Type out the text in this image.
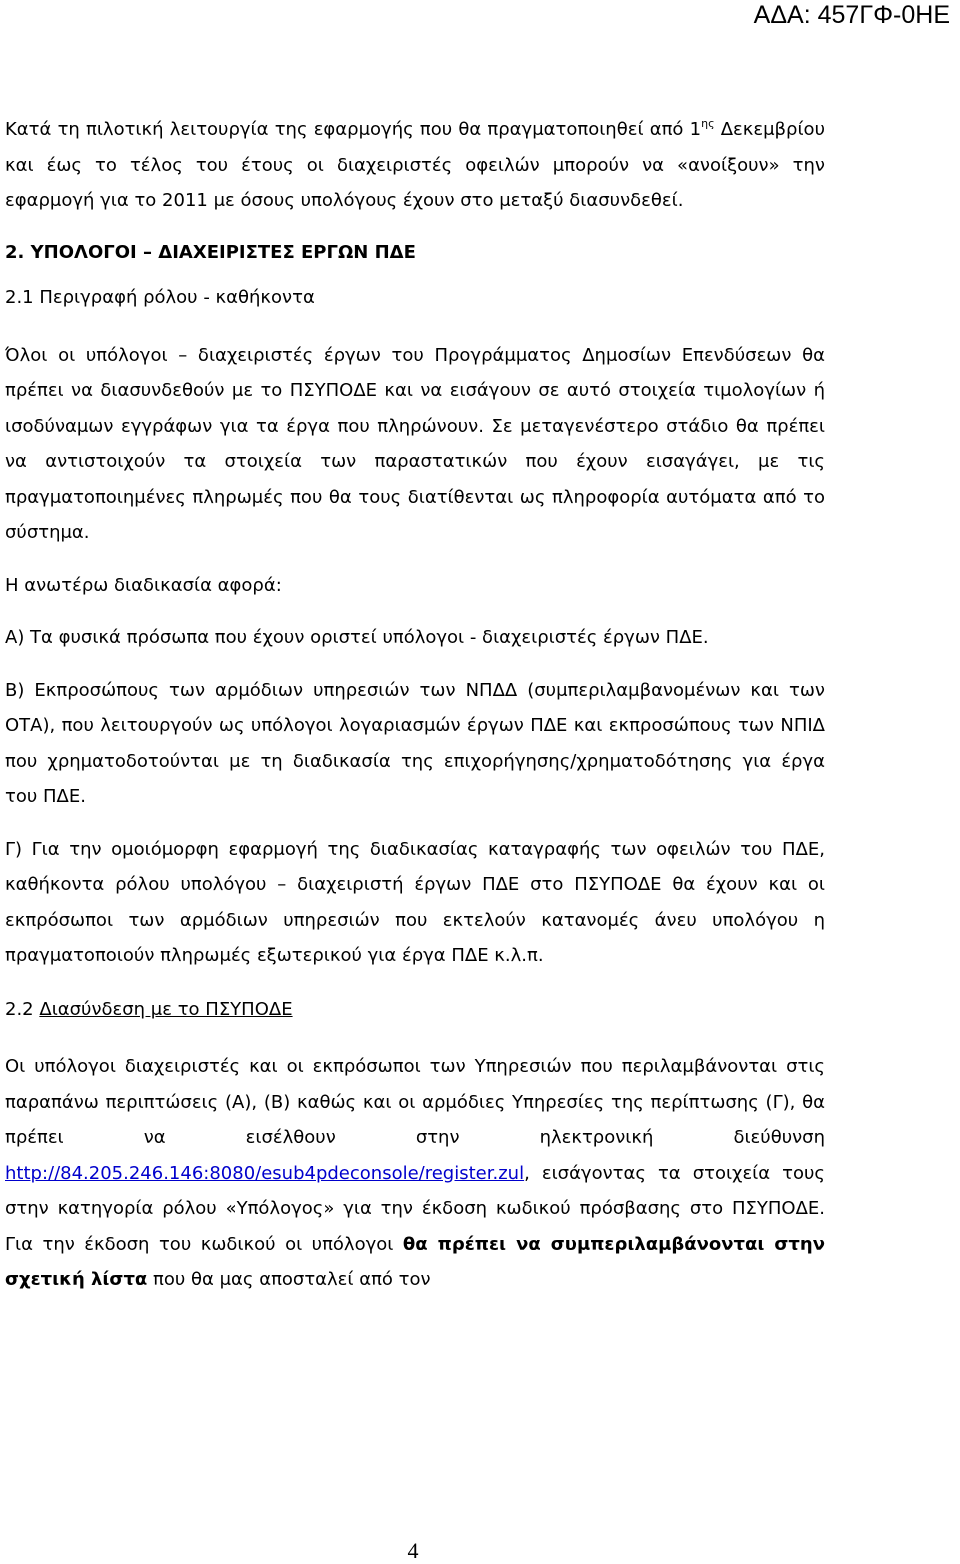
ΑΔΑ: 457ΓΦ-0ΗΕ

Κατά τη πιλοτική λειτουργία της εφαρμογής που θα πραγματοποιηθεί από $1^{\eta\varsigma}$ Δεκεμβρίου και έως το τέλος του έτους οι διαχειριστές οφειλών μπορούν να «ανοίξουν» την εφαρμογή για το 2011 με όσους υπολόγους έχουν στο μεταξύ διασυνδεθεί.

2. ΥΠΟΛΟΓΟΙ – ΔΙΑΧΕΙΡΙΣΤΕΣ ΕΡΓΩΝ ΠΔΕ

2.1 Περιγραφή ρόλου - καθήκοντα

Όλοι οι υπόλογοι – διαχειριστές έργων του Προγράμματος Δημοσίων Επενδύσεων θα πρέπει να διασυνδεθούν με το ΠΣΥΠΟΔΕ και να εισάγουν σε αυτό στοιχεία τιμολογίων ή ισοδύναμων εγγράφων για τα έργα που πληρώνουν. Σε μεταγενέστερο στάδιο θα πρέπει να αντιστοιχούν τα στοιχεία των παραστατικών που έχουν εισαγάγει, με τις πραγματοποιημένες πληρωμές που θα τους διατίθενται ως πληροφορία αυτόματα από το σύστημα.

Η ανωτέρω διαδικασία αφορά:

Α) Τα φυσικά πρόσωπα που έχουν οριστεί υπόλογοι - διαχειριστές έργων ΠΔΕ.

Β) Εκπροσώπους των αρμόδιων υπηρεσιών των ΝΠΔΔ (συμπεριλαμβανομένων και των ΟΤΑ), που λειτουργούν ως υπόλογοι λογαριασμών έργων ΠΔΕ και εκπροσώπους των ΝΠΙΔ που χρηματοδοτούνται με τη διαδικασία της επιχορήγησης/χρηματοδότησης για έργα του ΠΔΕ.

Γ) Για την ομοιόμορφη εφαρμογή της διαδικασίας καταγραφής των οφειλών του ΠΔΕ, καθήκοντα ρόλου υπολόγου – διαχειριστή έργων ΠΔΕ στο ΠΣΥΠΟΔΕ θα έχουν και οι εκπρόσωποι των αρμόδιων υπηρεσιών που εκτελούν κατανομές άνευ υπολόγου η πραγματοποιούν πληρωμές εξωτερικού για έργα ΠΔΕ κ.λ.π.

2.2 Διασύνδεση με το ΠΣΥΠΟΔΕ

Οι υπόλογοι διαχειριστές και οι εκπρόσωποι των Υπηρεσιών που περιλαμβάνονται στις παραπάνω περιπτώσεις (Α), (Β) καθώς και οι αρμόδιες Υπηρεσίες της περίπτωσης (Γ), θα πρέπει να εισέλθουν στην ηλεκτρονική διεύθυνση http://84.205.246.146:8080/esub4pdeconsole/register.zul, εισάγοντας τα στοιχεία τους στην κατηγορία ρόλου «Υπόλογος» για την έκδοση κωδικού πρόσβασης στο ΠΣΥΠΟΔΕ. Για την έκδοση του κωδικού οι υπόλογοι θα πρέπει να συμπεριλαμβάνονται στην σχετική λίστα που θα μας αποσταλεί από τον

4
